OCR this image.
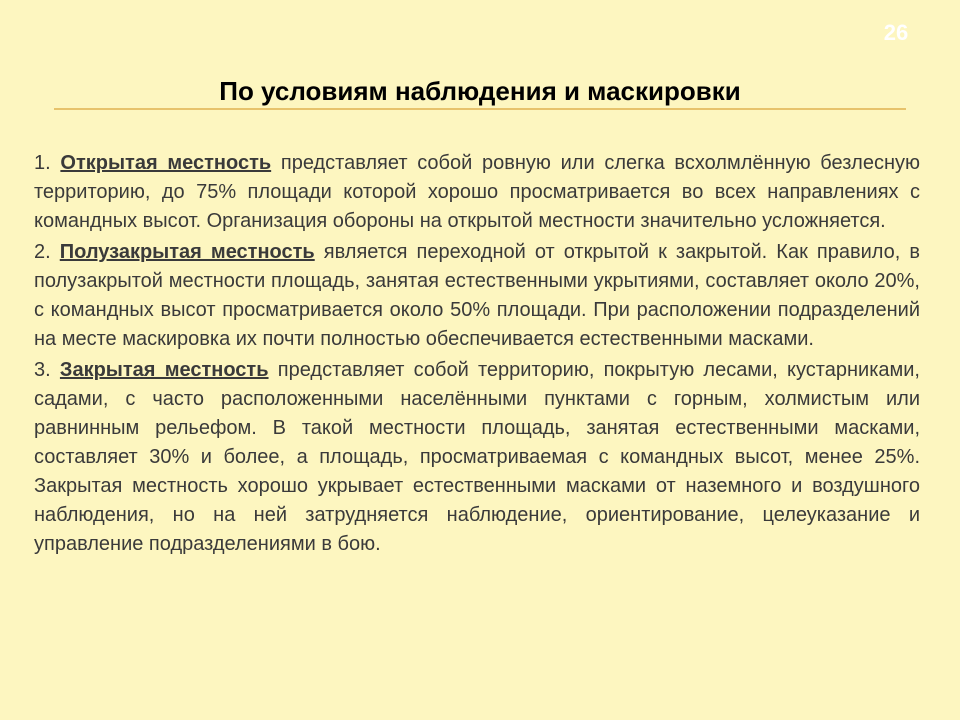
26
По условиям наблюдения и маскировки

1. Открытая местность представляет собой ровную или слегка всхолмлённую безлесную территорию, до 75% площади которой хорошо просматривается во всех направлениях с командных высот. Организация обороны на открытой местности значительно усложняется.

2. Полузакрытая местность является переходной от открытой к закрытой. Как правило, в полузакрытой местности площадь, занятая естественными укрытиями, составляет около 20%, с командных высот просматривается около 50% площади. При расположении подразделений на месте маскировка их почти полностью обеспечивается естественными масками.

3. Закрытая местность представляет собой территорию, покрытую лесами, кустарниками, садами, с часто расположенными населёнными пунктами с горным, холмистым или равнинным рельефом. В такой местности площадь, занятая естественными масками, составляет 30% и более, а площадь, просматриваемая с командных высот, менее 25%. Закрытая местность хорошо укрывает естественными масками от наземного и воздушного наблюдения, но на ней затрудняется наблюдение, ориентирование, целеуказание и управление подразделениями в бою.
